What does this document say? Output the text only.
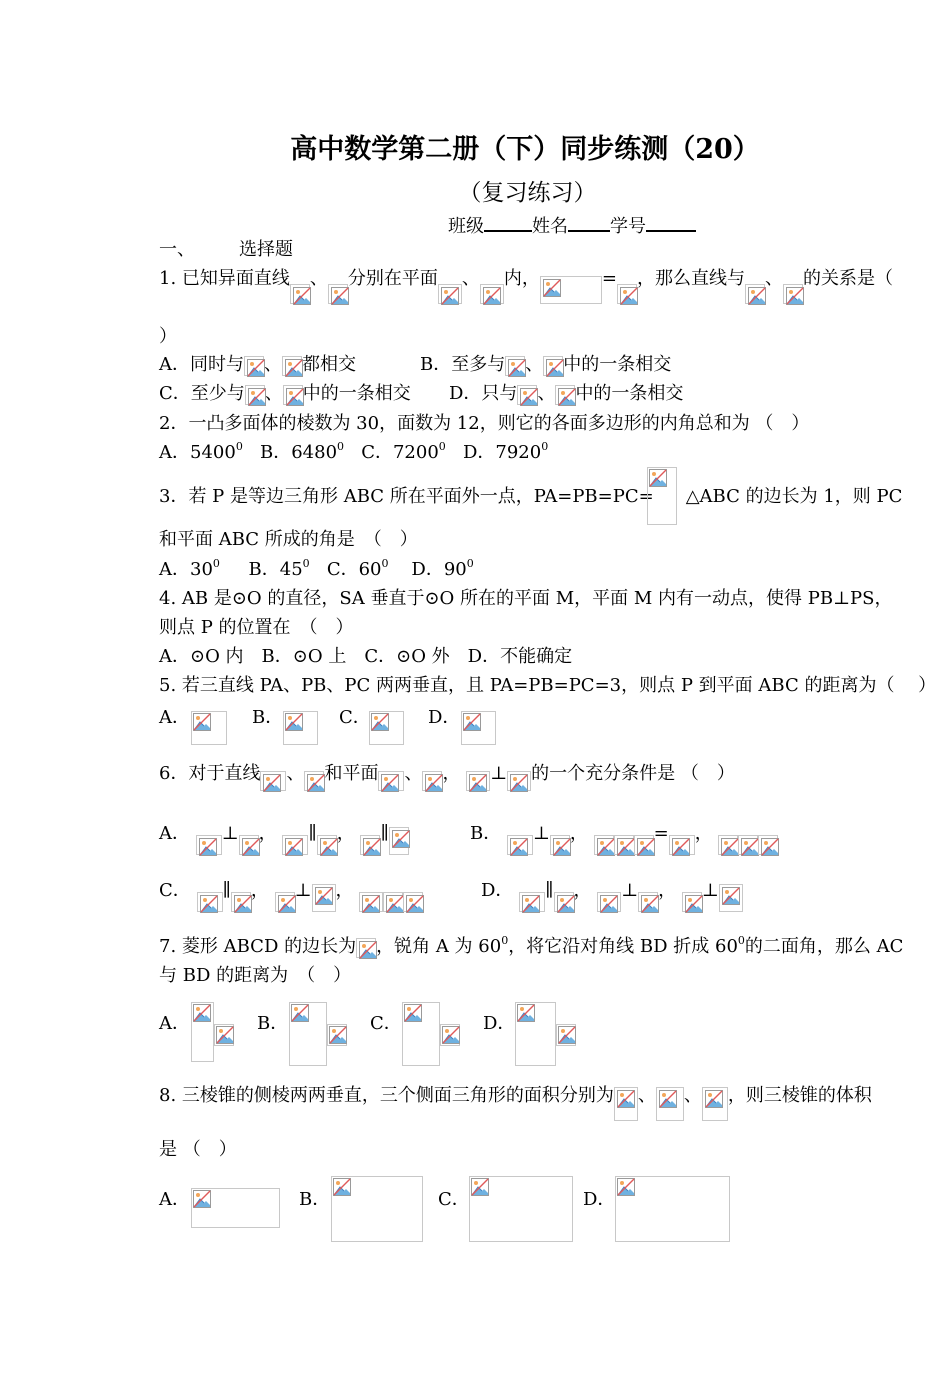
高中数学第二册（下）同步练测（20）
（复习练习）
班级	姓名 学号
一、 选择题
1. 已知异面直线 、 分别在平面 、 内，	= ，那么直线与 、 的关系是（
）
A．同时与 、 都相交	B．至多与 、 中的一条相交
C．至少与 、 中的一条相交 D．只与 、 中的一条相交
2．一凸多面体的棱数为 30，面数为 12，则它的各面多边形的内角总和为 （　）
A．5400$^0$ B．6480$^0$ C．7200$^0$ D．7920$^0$
3．若 P 是等边三角形 ABC 所在平面外一点，PA=PB=PC= △ABC 的边长为 1，则 PC
和平面 ABC 所成的角是　（　）
A．$30^0$ B．$45^0$ C．$60^0$ D．$90^0$
4. AB 是⊙O 的直径，SA 垂直于⊙O 所在的平面 M，平面 M 内有一动点，使得 PB⊥PS，
则点 P 的位置在　（　）
A．⊙O 内　B．⊙O 上　C．⊙O 外　D．不能确定
5. 若三直线 PA、PB、PC 两两垂直，且 PA=PB=PC=3，则点 P 到平面 ABC 的距离为（　 ）
A．	B．	C．	D．
6．对于直线 、 和平面 、 ， ⊥ 的一个充分条件是 （　）
A． ⊥ ， ∥ ， ∥	B． ⊥ ，	= ，
C． ∥ ， ⊥ ，	D． ∥ ， ⊥ ， ⊥
7. 菱形 ABCD 的边长为 ，锐角 A 为 $60^0$，将它沿对角线 BD 折成 $60^0$的二面角，那么 AC
与 BD 的距离为　（　）
A．	B．	C．	D．
8. 三棱锥的侧棱两两垂直，三个侧面三角形的面积分别为 、 、 ，则三棱锥的体积
是 （　）
A．	B．	C．	D．
